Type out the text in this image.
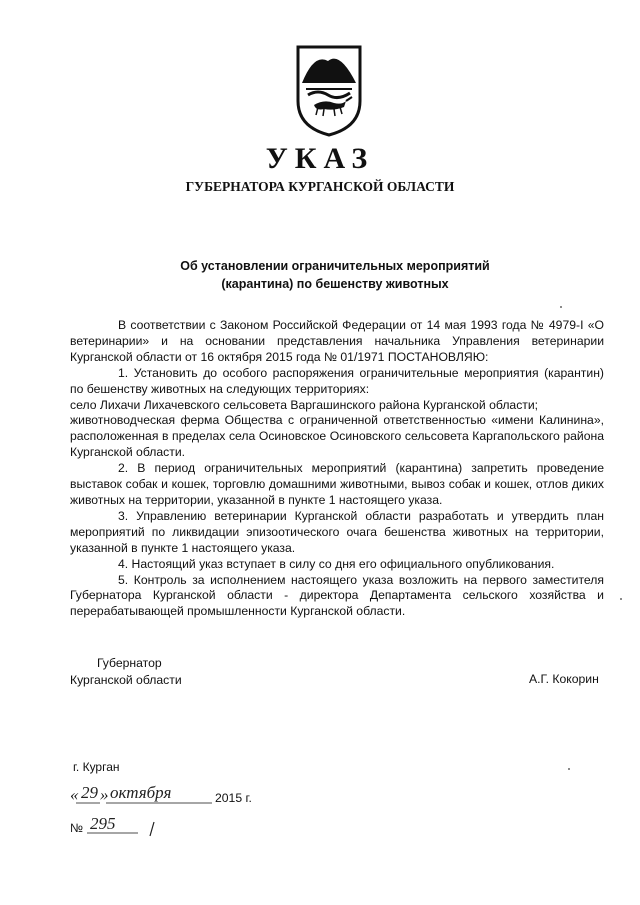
УКАЗ
ГУБЕРНАТОРА КУРГАНСКОЙ ОБЛАСТИ
Об установлении ограничительных мероприятий
(карантина) по бешенству животных

В соответствии с Законом Российской Федерации от 14 мая 1993 года № 4979-I «О ветеринарии» и на основании представления начальника Управления ветеринарии Курганской области от 16 октября 2015 года № 01/1971 ПОСТАНОВЛЯЮ:

1. Установить до особого распоряжения ограничительные мероприятия (карантин) по бешенству животных на следующих территориях:

село Лихачи Лихачевского сельсовета Варгашинского района Курганской области;

животноводческая ферма Общества с ограниченной ответственностью «имени Калинина», расположенная в пределах села Осиновское Осиновского сельсовета Каргапольского района Курганской области.

2. В период ограничительных мероприятий (карантина) запретить проведение выставок собак и кошек, торговлю домашними животными, вывоз собак и кошек, отлов диких животных на территории, указанной в пункте 1 настоящего указа.

3. Управлению ветеринарии Курганской области разработать и утвердить план мероприятий по ликвидации эпизоотического очага бешенства животных на территории, указанной в пункте 1 настоящего указа.

4. Настоящий указ вступает в силу со дня его официального опубликования.

5. Контроль за исполнением настоящего указа возложить на первого заместителя Губернатора Курганской области - директора Департамента сельского хозяйства и перерабатывающей промышленности Курганской области.

Губернатор
Курганской области	А.Г. Кокорин
г. Курган
« 29 » октября	2015 г.
№ 295
